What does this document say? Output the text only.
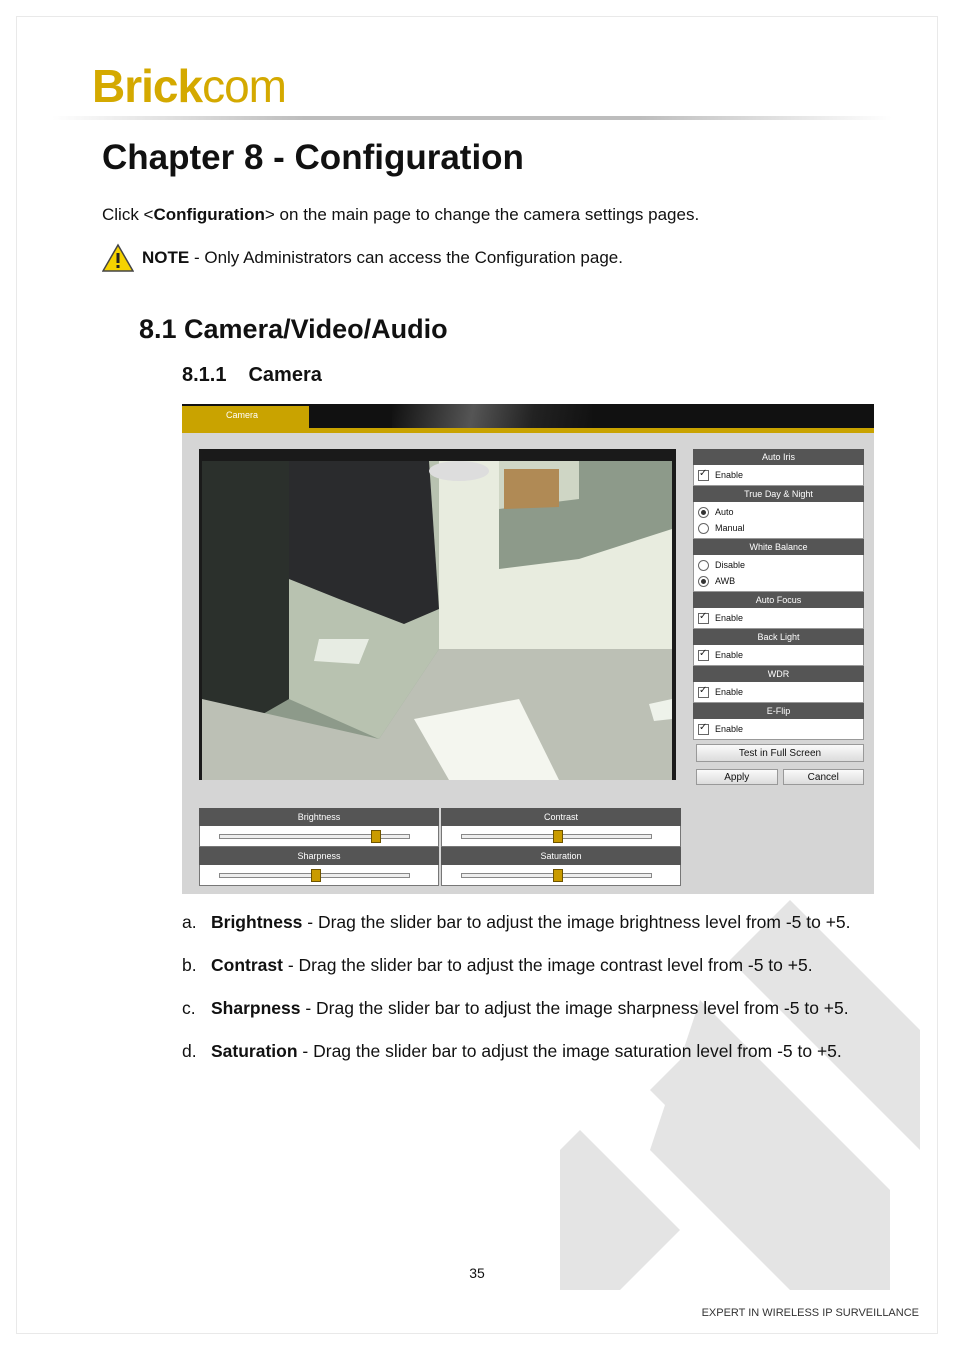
Brickcom
Chapter 8 - Configuration

Click <Configuration> on the main page to change the camera settings pages.

NOTE - Only Administrators can access the Configuration page.
8.1 Camera/Video/Audio
8.1.1 Camera
Camera
Auto Iris
✓
Enable
True Day & Night
Auto
Manual
White Balance
Disable
AWB
Auto Focus
✓
Enable
Back Light
✓
Enable
WDR
✓
Enable
E-Flip
✓
Enable
Test in Full Screen
Apply	Cancel
Brightness	Contrast
Sharpness	Saturation
a. Brightness - Drag the slider bar to adjust the image brightness level from -5 to +5.
b. Contrast - Drag the slider bar to adjust the image contrast level from -5 to +5.
c. Sharpness - Drag the slider bar to adjust the image sharpness level from -5 to +5.
d. Saturation - Drag the slider bar to adjust the image saturation level from -5 to +5.
35
EXPERT IN WIRELESS IP SURVEILLANCE
